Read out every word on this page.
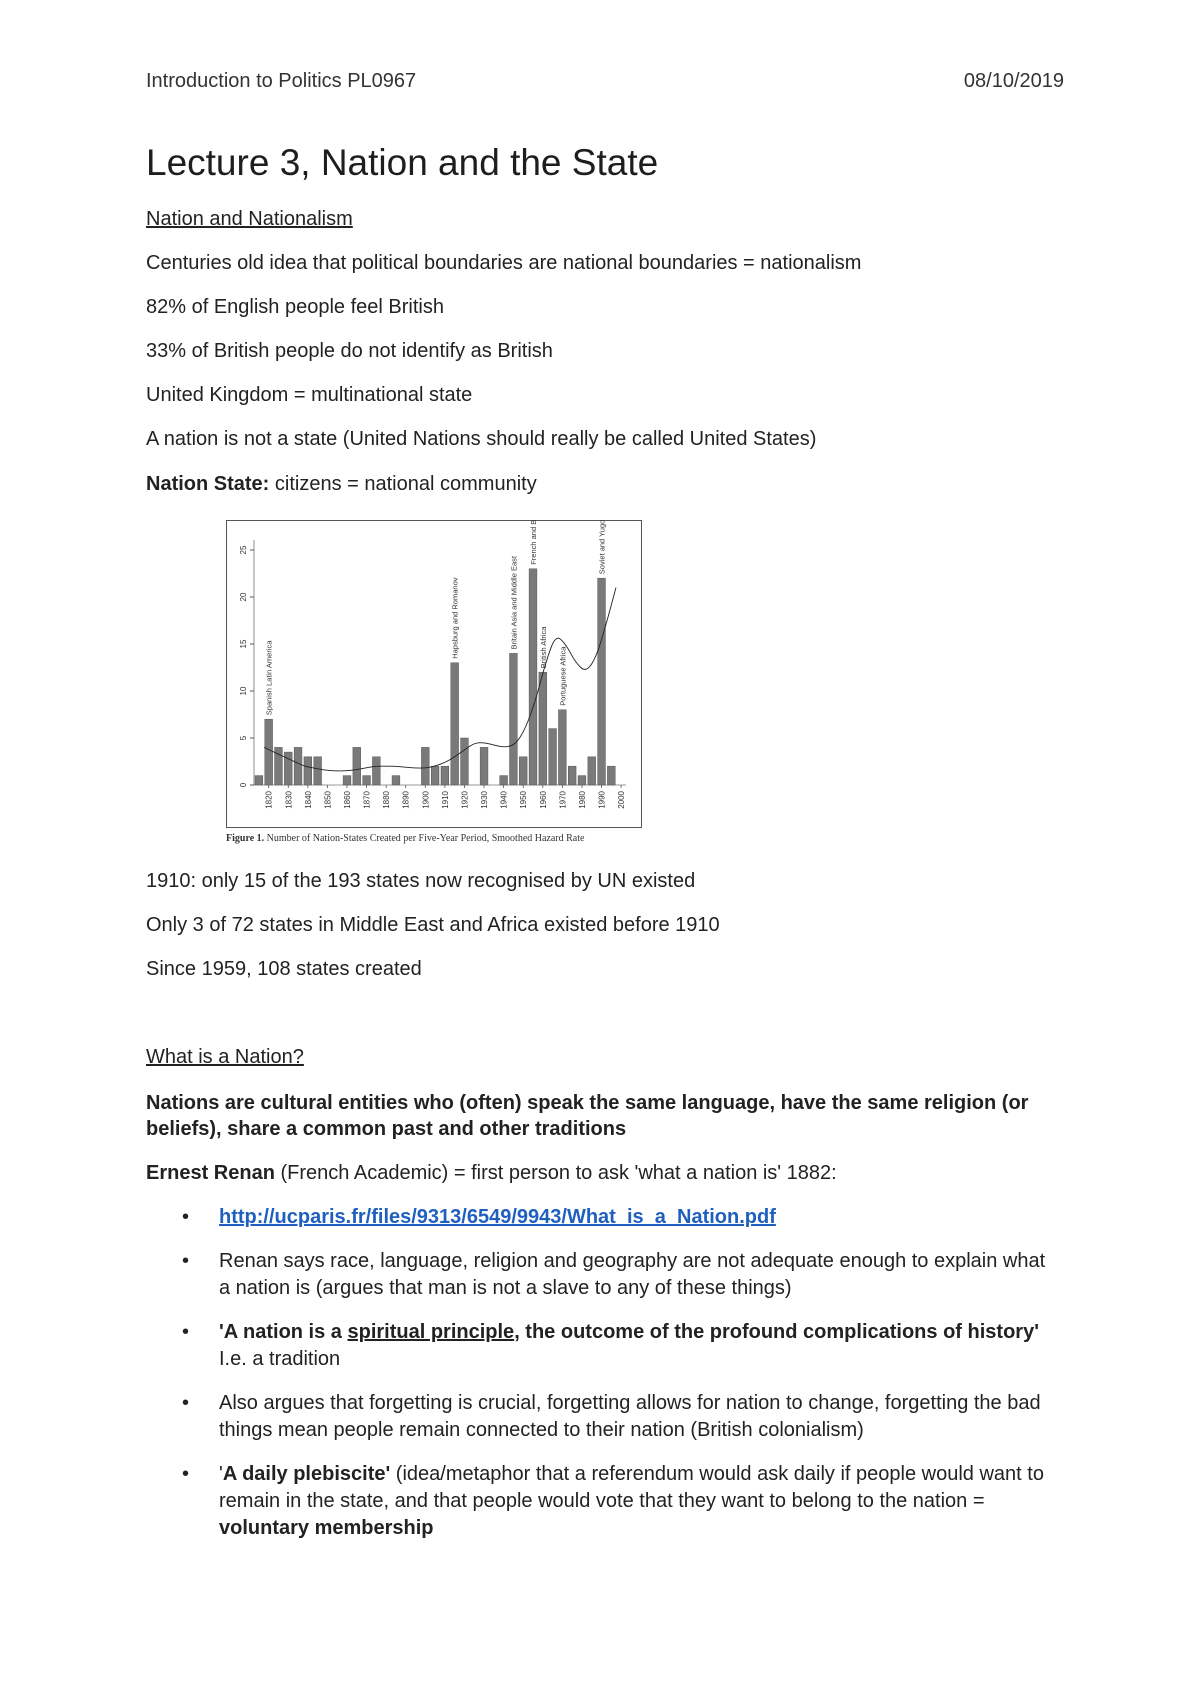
Introduction to Politics PL0967	08/10/2019
Lecture 3, Nation and the State
Nation and Nationalism
Centuries old idea that political boundaries are national boundaries = nationalism
82% of English people feel British
33% of British people do not identify as British
United Kingdom = multinational state
A nation is not a state (United Nations should really be called United States)
Nation State: citizens = national community
0
5
10
15
20
25
1820 1830 1840 1850 1860 1870 1880 1890 1900 1910 1920 1930 1940 1950 1960 1970 1980 1990 2000
Spanish Latin America
Hapsburg and Romanov	Britain Asia and Middle East
French and British Africa
British Africa Portuguese Africa
Soviet and Yugoslavian
Figure 1. Number of Nation-States Created per Five-Year Period, Smoothed Hazard Rate
1910: only 15 of the 193 states now recognised by UN existed
Only 3 of 72 states in Middle East and Africa existed before 1910
Since 1959, 108 states created
What is a Nation?
Nations are cultural entities who (often) speak the same language, have the same religion (or beliefs), share a common past and other traditions
Ernest Renan (French Academic) = first person to ask 'what a nation is' 1882:
• http://ucparis.fr/files/9313/6549/9943/What_is_a_Nation.pdf
• Renan says race, language, religion and geography are not adequate enough to explain what a nation is (argues that man is not a slave to any of these things)
• 'A nation is a spiritual principle, the outcome of the profound complications of history' I.e. a tradition
• Also argues that forgetting is crucial, forgetting allows for nation to change, forgetting the bad things mean people remain connected to their nation (British colonialism)
• 'A daily plebiscite' (idea/metaphor that a referendum would ask daily if people would want to remain in the state, and that people would vote that they want to belong to the nation = voluntary membership
